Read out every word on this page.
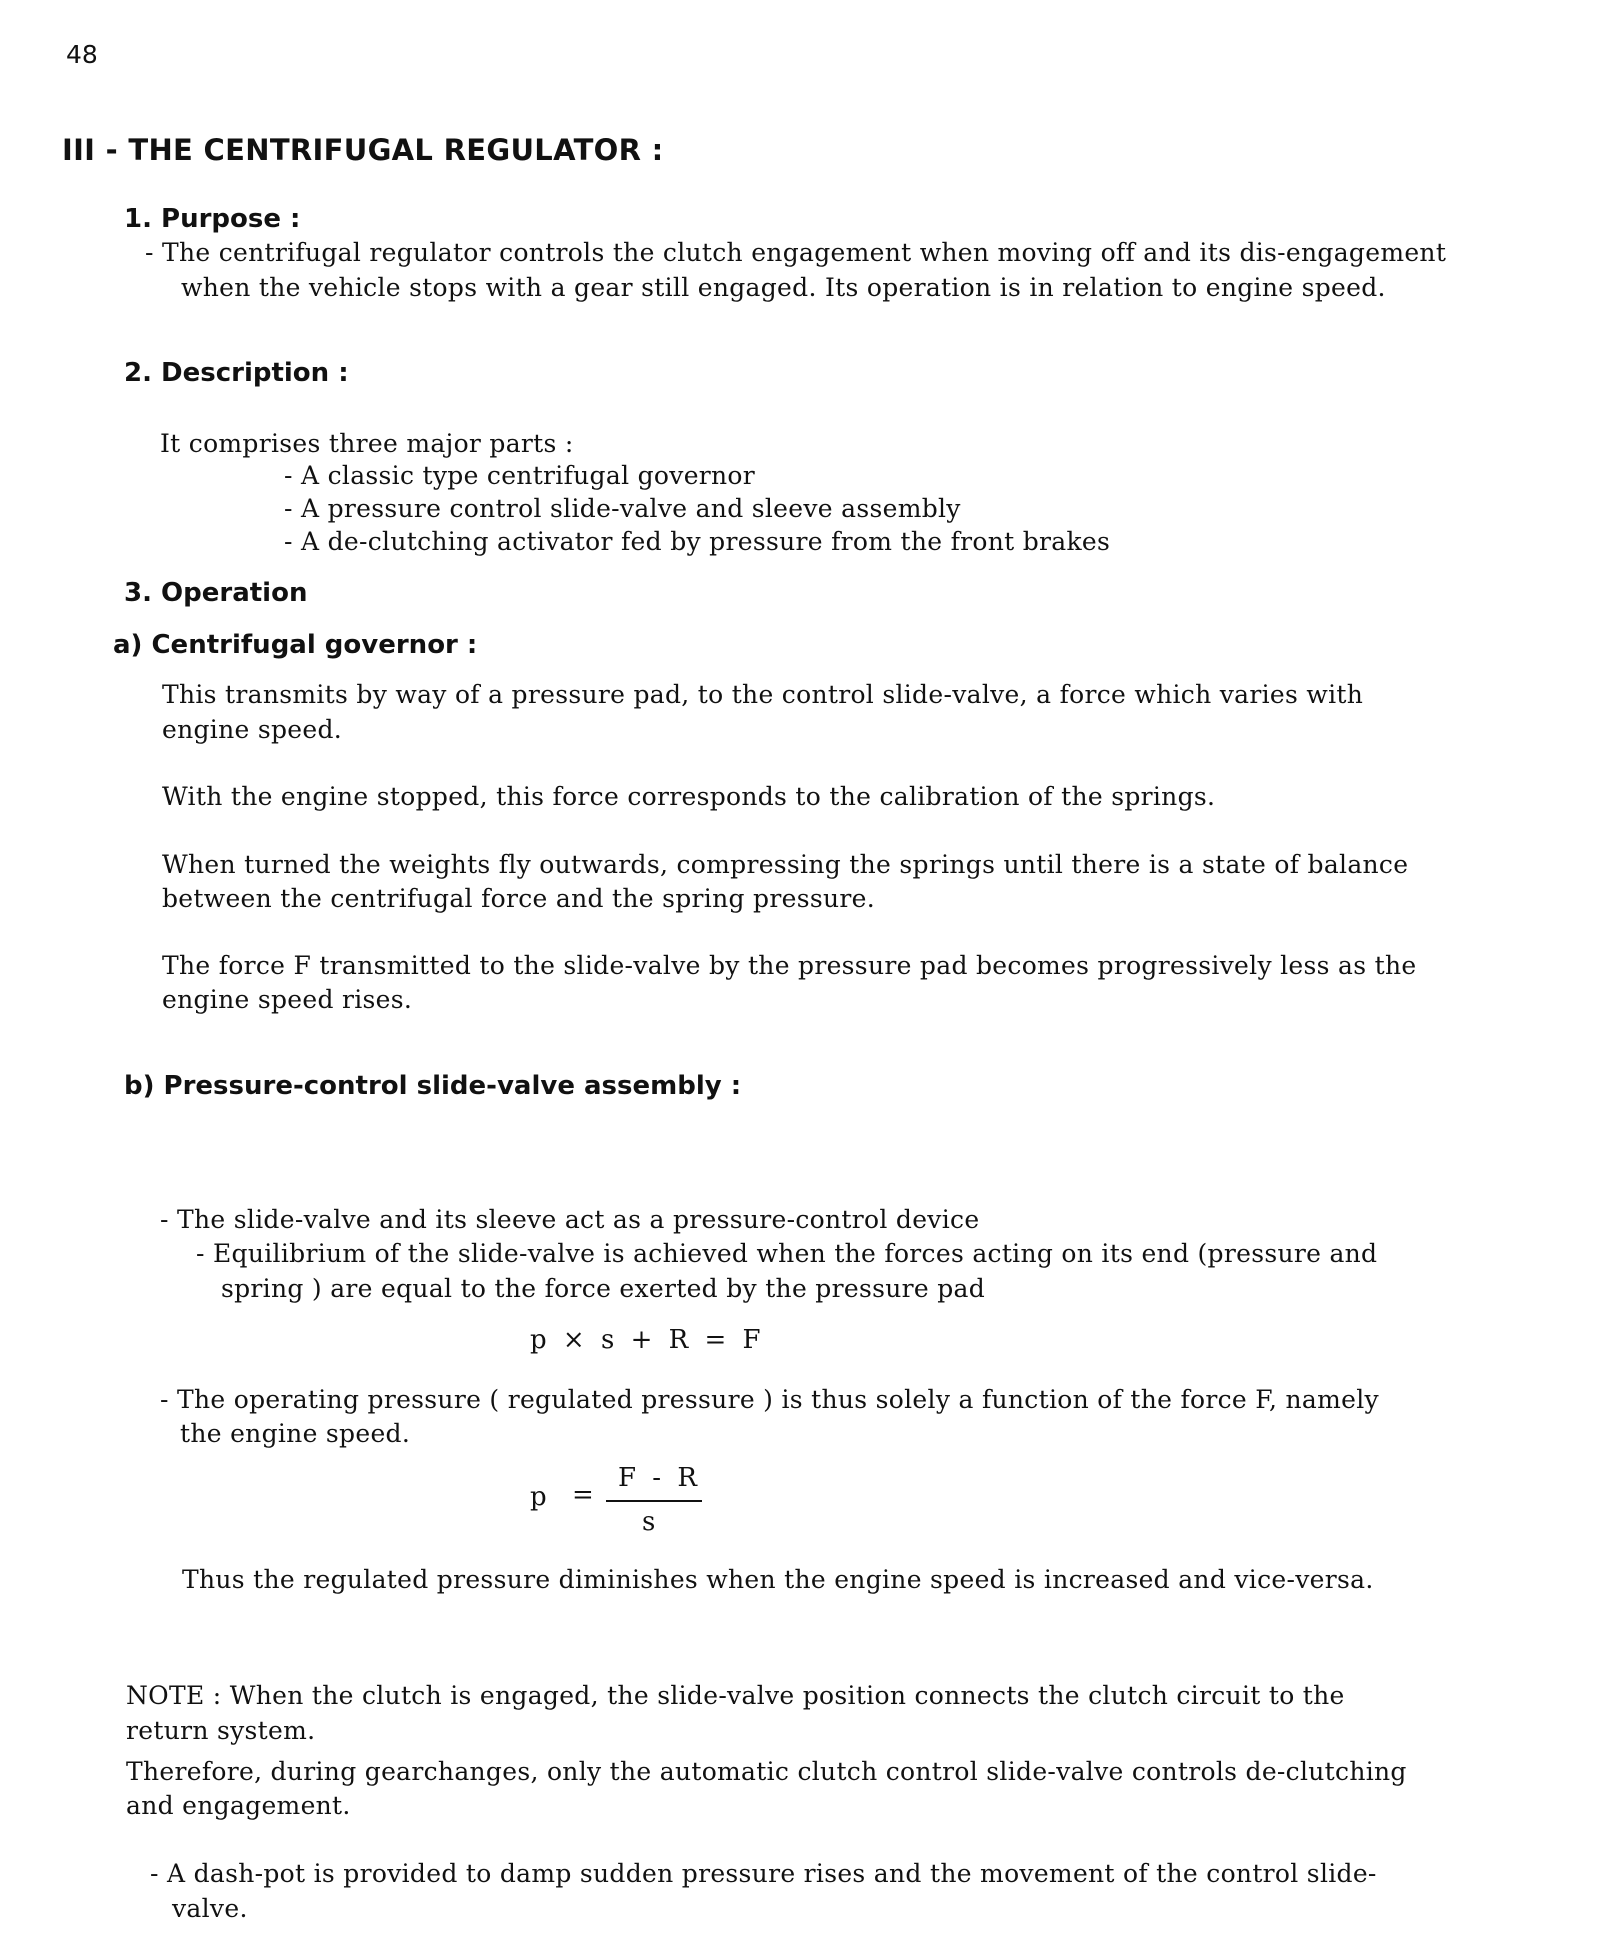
48
III - THE CENTRIFUGAL REGULATOR :
1. Purpose :
- The centrifugal regulator controls the clutch engagement when moving off and its dis-engagement
when the vehicle stops with a gear still engaged. Its operation is in relation to engine speed.
2. Description :
It comprises three major parts :
- A classic type centrifugal governor
- A pressure control slide-valve and sleeve assembly
- A de-clutching activator fed by pressure from the front brakes
3. Operation
a) Centrifugal governor :
This transmits by way of a pressure pad, to the control slide-valve, a force which varies with
engine speed.
With the engine stopped, this force corresponds to the calibration of the springs.
When turned the weights fly outwards, compressing the springs until there is a state of balance
between the centrifugal force and the spring pressure.
The force F transmitted to the slide-valve by the pressure pad becomes progressively less as the
engine speed rises.
b) Pressure-control slide-valve assembly :
- The slide-valve and its sleeve act as a pressure-control device
- Equilibrium of the slide-valve is achieved when the forces acting on its end (pressure and
spring ) are equal to the force exerted by the pressure pad
p × s + R = F
- The operating pressure ( regulated pressure ) is thus solely a function of the force F, namely
the engine speed.
p =
F - R
s
Thus the regulated pressure diminishes when the engine speed is increased and vice-versa.
NOTE : When the clutch is engaged, the slide-valve position connects the clutch circuit to the
return system.
Therefore, during gearchanges, only the automatic clutch control slide-valve controls de-clutching
and engagement.
- A dash-pot is provided to damp sudden pressure rises and the movement of the control slide-
valve.
